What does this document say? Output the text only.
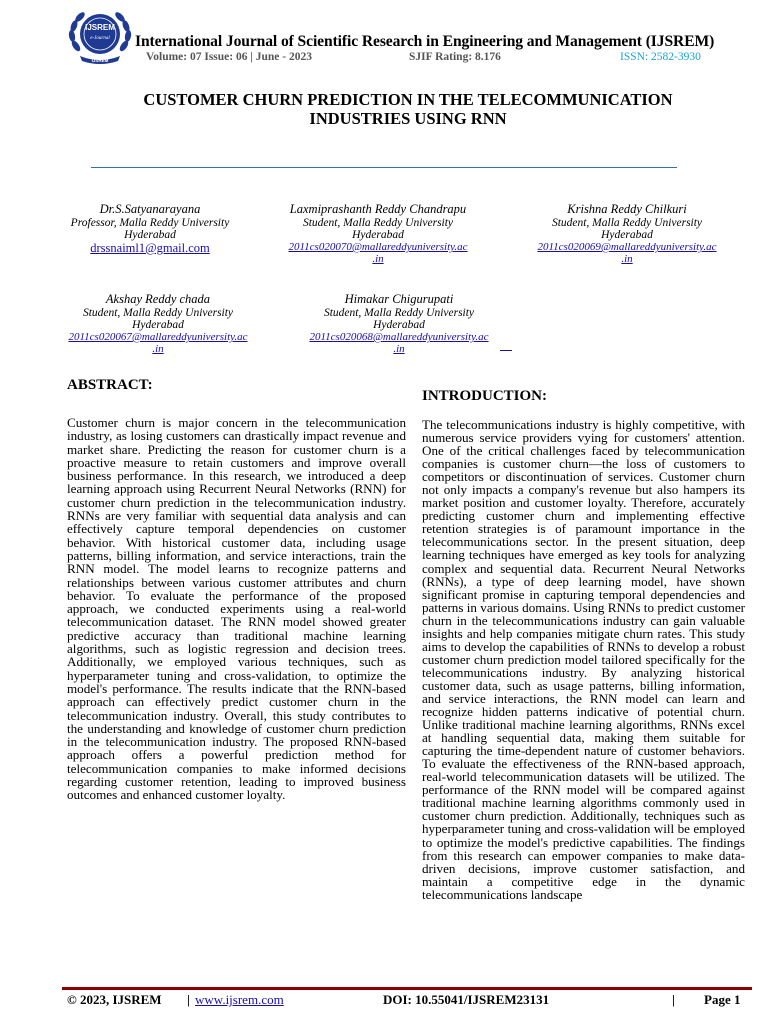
IJSREM
e-Journal
IJSREM
International Journal of Scientific Research in Engineering and Management (IJSREM)
Volume: 07 Issue: 06 | June - 2023	SJIF Rating: 8.176	ISSN: 2582-3930
CUSTOMER CHURN PREDICTION IN THE TELECOMMUNICATION
INDUSTRIES USING RNN
Dr.S.Satyanarayana
Professor, Malla Reddy University
Hyderabad
drssnaiml1@gmail.com
Laxmiprashanth Reddy Chandrapu
Student, Malla Reddy University
Hyderabad
2011cs020070@mallareddyuniversity.ac
.in
Krishna Reddy Chilkuri
Student, Malla Reddy University
Hyderabad
2011cs020069@mallareddyuniversity.ac
.in
Akshay Reddy chada
Student, Malla Reddy University
Hyderabad
2011cs020067@mallareddyuniversity.ac
.in
Himakar Chigurupati
Student, Malla Reddy University
Hyderabad
2011cs020068@mallareddyuniversity.ac
.in
ABSTRACT:
Customer churn is major concern in the telecommunication industry, as losing customers can drastically impact revenue and market share. Predicting the reason for customer churn is a proactive measure to retain customers and improve overall business performance. In this research, we introduced a deep learning approach using Recurrent Neural Networks (RNN) for customer churn prediction in the telecommunication industry. RNNs are very familiar with sequential data analysis and can effectively capture temporal dependencies on customer behavior. With historical customer data, including usage patterns, billing information, and service interactions, train the RNN model. The model learns to recognize patterns and relationships between various customer attributes and churn behavior. To evaluate the performance of the proposed approach, we conducted experiments using a real-world telecommunication dataset. The RNN model showed greater predictive accuracy than traditional machine learning algorithms, such as logistic regression and decision trees. Additionally, we employed various techniques, such as hyperparameter tuning and cross-validation, to optimize the model's performance. The results indicate that the RNN-based approach can effectively predict customer churn in the telecommunication industry. Overall, this study contributes to the understanding and knowledge of customer churn prediction in the telecommunication industry. The proposed RNN-based approach offers a powerful prediction method for telecommunication companies to make informed decisions regarding customer retention, leading to improved business outcomes and enhanced customer loyalty.
INTRODUCTION:
The telecommunications industry is highly competitive, with numerous service providers vying for customers' attention. One of the critical challenges faced by telecommunication companies is customer churn—the loss of customers to competitors or discontinuation of services. Customer churn not only impacts a company's revenue but also hampers its market position and customer loyalty. Therefore, accurately predicting customer churn and implementing effective retention strategies is of paramount importance in the telecommunications sector. In the present situation, deep learning techniques have emerged as key tools for analyzing complex and sequential data. Recurrent Neural Networks (RNNs), a type of deep learning model, have shown significant promise in capturing temporal dependencies and patterns in various domains. Using RNNs to predict customer churn in the telecommunications industry can gain valuable insights and help companies mitigate churn rates. This study aims to develop the capabilities of RNNs to develop a robust customer churn prediction model tailored specifically for the telecommunications industry. By analyzing historical customer data, such as usage patterns, billing information, and service interactions, the RNN model can learn and recognize hidden patterns indicative of potential churn. Unlike traditional machine learning algorithms, RNNs excel at handling sequential data, making them suitable for capturing the time-dependent nature of customer behaviors. To evaluate the effectiveness of the RNN-based approach, real-world telecommunication datasets will be utilized. The performance of the RNN model will be compared against traditional machine learning algorithms commonly used in customer churn prediction. Additionally, techniques such as hyperparameter tuning and cross-validation will be employed to optimize the model's predictive capabilities. The findings from this research can empower companies to make data-driven decisions, improve customer satisfaction, and maintain a competitive edge in the dynamic telecommunications landscape
© 2023, IJSREM | www.ijsrem.com	DOI: 10.55041/IJSREM23131	| Page 1
